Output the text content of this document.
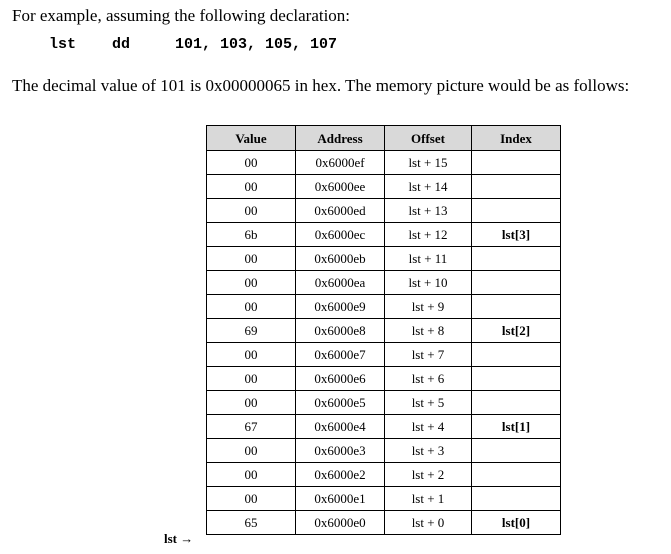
For example, assuming the following declaration:

lst    dd     101, 103, 105, 107

The decimal value of 101 is 0x00000065 in hex. The memory picture would be as follows:

Value	Address	Offset	Index
00	0x6000ef	lst + 15	
00	0x6000ee	lst + 14	
00	0x6000ed	lst + 13	
6b	0x6000ec	lst + 12	lst[3]
00	0x6000eb	lst + 11	
00	0x6000ea	lst + 10	
00	0x6000e9	lst + 9	
69	0x6000e8	lst + 8	lst[2]
00	0x6000e7	lst + 7	
00	0x6000e6	lst + 6	
00	0x6000e5	lst + 5	
67	0x6000e4	lst + 4	lst[1]
00	0x6000e3	lst + 3	
00	0x6000e2	lst + 2	
00	0x6000e1	lst + 1	
65	0x6000e0	lst + 0	lst[0]
lst →
